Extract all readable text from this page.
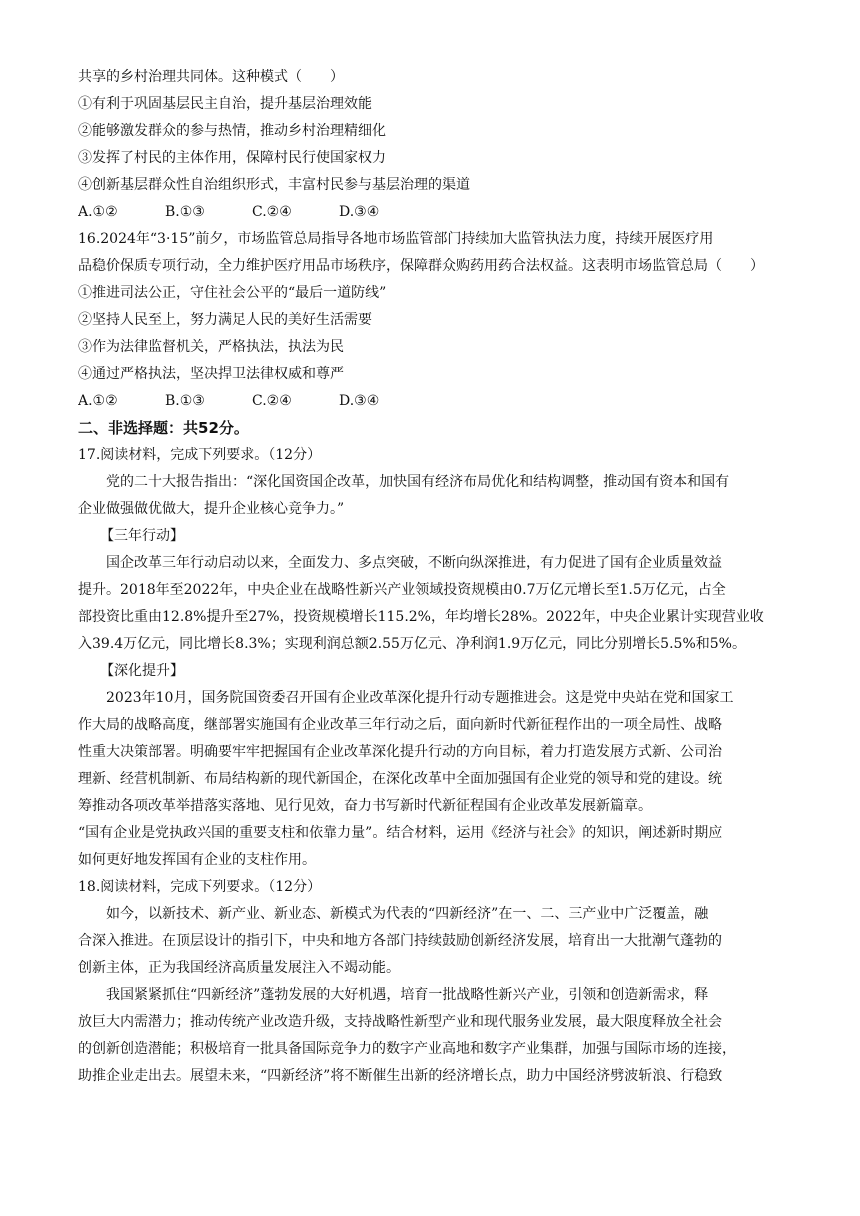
共享的乡村治理共同体。这种模式（　　）
①有利于巩固基层民主自治，提升基层治理效能
②能够激发群众的参与热情，推动乡村治理精细化
③发挥了村民的主体作用，保障村民行使国家权力
④创新基层群众性自治组织形式，丰富村民参与基层治理的渠道
A.①②	B.①③	C.②④	D.③④
16.2024年“3·15”前夕，市场监管总局指导各地市场监管部门持续加大监管执法力度，持续开展医疗用
品稳价保质专项行动，全力维护医疗用品市场秩序，保障群众购药用药合法权益。这表明市场监管总局（　　）
①推进司法公正，守住社会公平的“最后一道防线”
②坚持人民至上，努力满足人民的美好生活需要
③作为法律监督机关，严格执法，执法为民
④通过严格执法，坚决捍卫法律权威和尊严
A.①②	B.①③	C.②④	D.③④
二、非选择题：共52分。
17.阅读材料，完成下列要求。（12分）
党的二十大报告指出：“深化国资国企改革，加快国有经济布局优化和结构调整，推动国有资本和国有
企业做强做优做大，提升企业核心竞争力。”
【三年行动】
国企改革三年行动启动以来，全面发力、多点突破，不断向纵深推进，有力促进了国有企业质量效益
提升。2018年至2022年，中央企业在战略性新兴产业领域投资规模由0.7万亿元增长至1.5万亿元，占全
部投资比重由12.8%提升至27%，投资规模增长115.2%，年均增长28%。2022年，中央企业累计实现营业收
入39.4万亿元，同比增长8.3%；实现利润总额2.55万亿元、净利润1.9万亿元，同比分别增长5.5%和5%。
【深化提升】
2023年10月，国务院国资委召开国有企业改革深化提升行动专题推进会。这是党中央站在党和国家工
作大局的战略高度，继部署实施国有企业改革三年行动之后，面向新时代新征程作出的一项全局性、战略
性重大决策部署。明确要牢牢把握国有企业改革深化提升行动的方向目标，着力打造发展方式新、公司治
理新、经营机制新、布局结构新的现代新国企，在深化改革中全面加强国有企业党的领导和党的建设。统
筹推动各项改革举措落实落地、见行见效，奋力书写新时代新征程国有企业改革发展新篇章。
“国有企业是党执政兴国的重要支柱和依靠力量”。结合材料，运用《经济与社会》的知识，阐述新时期应
如何更好地发挥国有企业的支柱作用。
18.阅读材料，完成下列要求。（12分）
如今，以新技术、新产业、新业态、新模式为代表的“四新经济”在一、二、三产业中广泛覆盖，融
合深入推进。在顶层设计的指引下，中央和地方各部门持续鼓励创新经济发展，培育出一大批潮气蓬勃的
创新主体，正为我国经济高质量发展注入不竭动能。
我国紧紧抓住“四新经济”蓬勃发展的大好机遇，培育一批战略性新兴产业，引领和创造新需求，释
放巨大内需潜力；推动传统产业改造升级，支持战略性新型产业和现代服务业发展，最大限度释放全社会
的创新创造潜能；积极培育一批具备国际竞争力的数字产业高地和数字产业集群，加强与国际市场的连接，
助推企业走出去。展望未来，“四新经济”将不断催生出新的经济增长点，助力中国经济劈波斩浪、行稳致
